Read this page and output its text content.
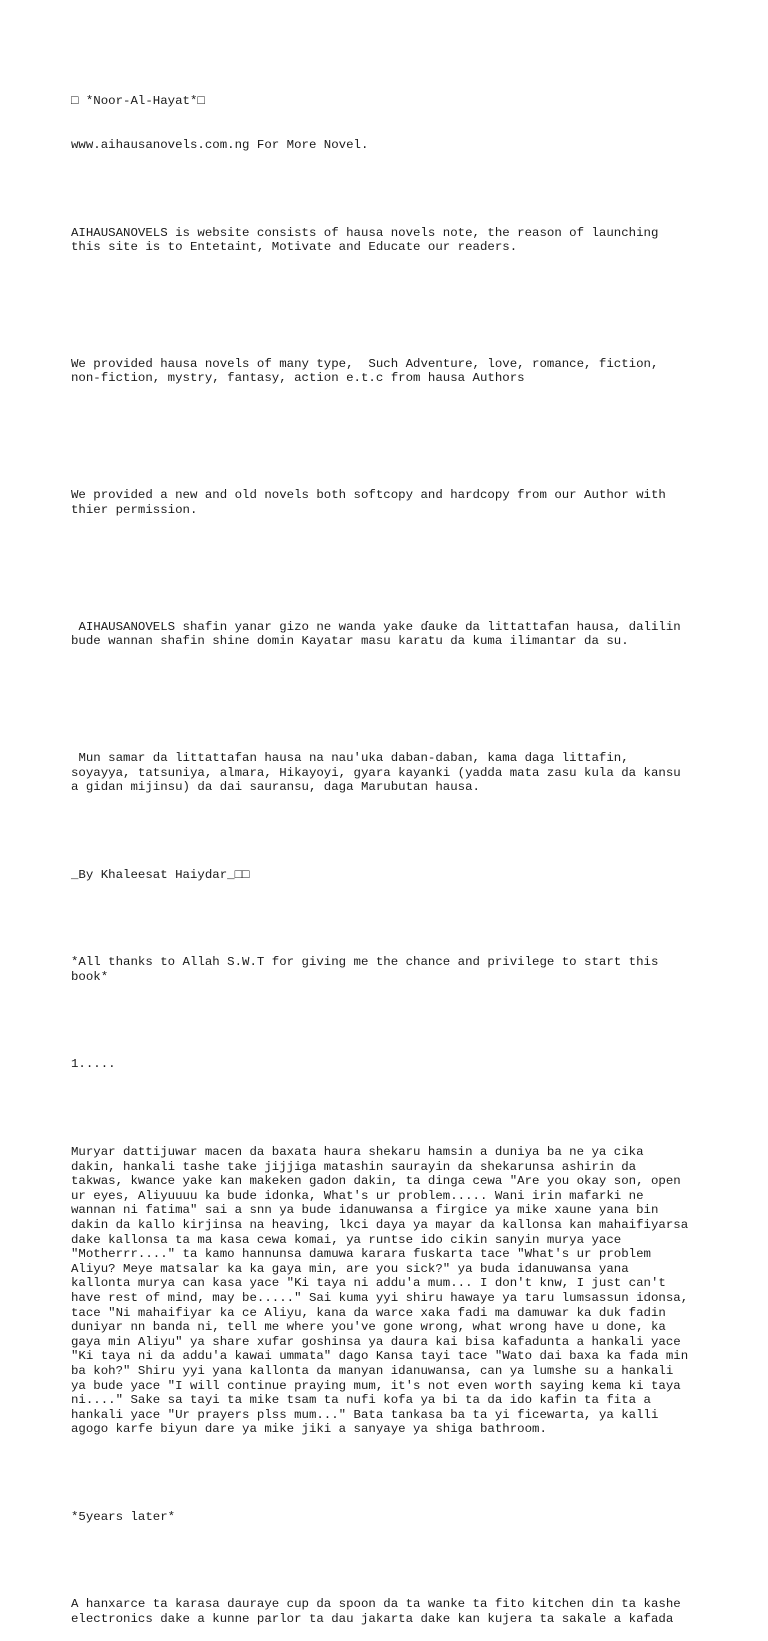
□ *Noor-Al-Hayat*□

www.aihausanovels.com.ng For More Novel.

AIHAUSANOVELS is website consists of hausa novels note, the reason of launching
this site is to Entetaint, Motivate and Educate our readers.

We provided hausa novels of many type,  Such Adventure, love, romance, fiction,
non-fiction, mystry, fantasy, action e.t.c from hausa Authors

We provided a new and old novels both softcopy and hardcopy from our Author with
thier permission.

AIHAUSANOVELS shafin yanar gizo ne wanda yake ɗauke da littattafan hausa, dalilin
bude wannan shafin shine domin Kayatar masu karatu da kuma ilimantar da su.

Mun samar da littattafan hausa na nau'uka daban-daban, kama daga littafin,
soyayya, tatsuniya, almara, Hikayoyi, gyara kayanki (yadda mata zasu kula da kansu
a gidan mijinsu) da dai sauransu, daga Marubutan hausa.

_By Khaleesat Haiydar_□□

*All thanks to Allah S.W.T for giving me the chance and privilege to start this
book*

1.....

Muryar dattijuwar macen da baxata haura shekaru hamsin a duniya ba ne ya cika
dakin, hankali tashe take jijjiga matashin saurayin da shekarunsa ashirin da
takwas, kwance yake kan makeken gadon dakin, ta dinga cewa "Are you okay son, open
ur eyes, Aliyuuuu ka bude idonka, What's ur problem..... Wani irin mafarki ne
wannan ni fatima" sai a snn ya bude idanuwansa a firgice ya mike xaune yana bin
dakin da kallo kirjinsa na heaving, lkci daya ya mayar da kallonsa kan mahaifiyarsa
dake kallonsa ta ma kasa cewa komai, ya runtse ido cikin sanyin murya yace
"Motherrr...." ta kamo hannunsa damuwa karara fuskarta tace "What's ur problem
Aliyu? Meye matsalar ka ka gaya min, are you sick?" ya buda idanuwansa yana
kallonta murya can kasa yace "Ki taya ni addu'a mum... I don't knw, I just can't
have rest of mind, may be....." Sai kuma yyi shiru hawaye ya taru lumsassun idonsa,
tace "Ni mahaifiyar ka ce Aliyu, kana da warce xaka fadi ma damuwar ka duk fadin
duniyar nn banda ni, tell me where you've gone wrong, what wrong have u done, ka
gaya min Aliyu" ya share xufar goshinsa ya daura kai bisa kafadunta a hankali yace
"Ki taya ni da addu'a kawai ummata" dago Kansa tayi tace "Wato dai baxa ka fada min
ba koh?" Shiru yyi yana kallonta da manyan idanuwansa, can ya lumshe su a hankali
ya bude yace "I will continue praying mum, it's not even worth saying kema ki taya
ni...." Sake sa tayi ta mike tsam ta nufi kofa ya bi ta da ido kafin ta fita a
hankali yace "Ur prayers plss mum..." Bata tankasa ba ta yi ficewarta, ya kalli
agogo karfe biyun dare ya mike jiki a sanyaye ya shiga bathroom.

*5years later*

A hanxarce ta karasa dauraye cup da spoon da ta wanke ta fito kitchen din ta kashe
electronics dake a kunne parlor ta dau jakarta dake kan kujera ta sakale a kafada
